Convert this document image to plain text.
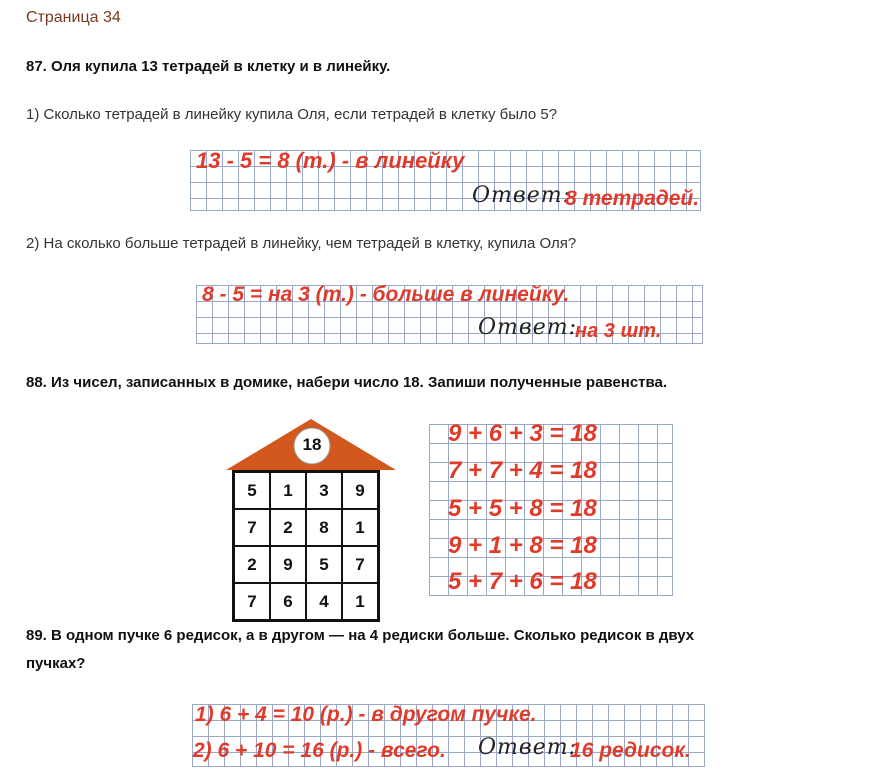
Страница 34
87. Оля купила 13 тетрадей в клетку и в линейку.
1) Сколько тетрадей в линейку купила Оля, если тетрадей в клетку было 5?
13 - 5 = 8 (т.) - в линейку
Ответ:
8 тетрадей.
2) На сколько больше тетрадей в линейку, чем тетрадей в клетку, купила Оля?
8 - 5 = на 3 (т.) - больше в линейку.
Ответ:
на 3 шт.
88. Из чисел, записанных в домике, набери число 18. Запиши полученные равенства.
18
5	1	3	9
7	2	8	1
2	9	5	7
7	6	4	1
9 + 6 + 3 = 18
7 + 7 + 4 = 18
5 + 5 + 8 = 18
9 + 1 + 8 = 18
5 + 7 + 6 = 18
89. В одном пучке 6 редисок, а в другом — на 4 редиски больше. Сколько редисок в двух
пучках?
1) 6 + 4 = 10 (р.) - в другом пучке.
2) 6 + 10 = 16 (р.) - всего. Ответ:
16 редисок.
